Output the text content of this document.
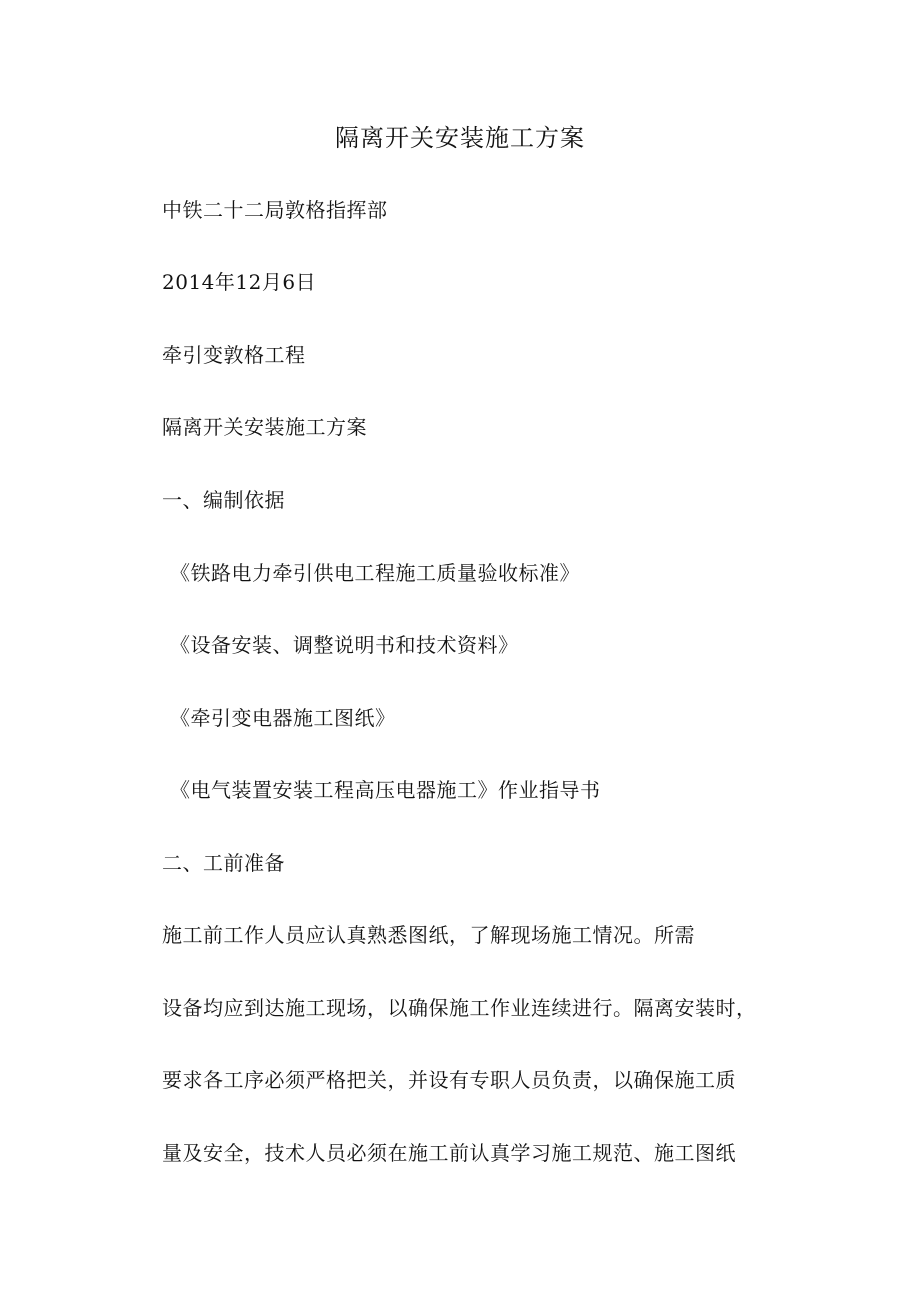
隔离开关安装施工方案
中铁二十二局敦格指挥部
2014年12月6日
牵引变敦格工程
隔离开关安装施工方案
一、编制依据
《铁路电力牵引供电工程施工质量验收标准》
《设备安装、调整说明书和技术资料》
《牵引变电器施工图纸》
《电气装置安装工程高压电器施工》作业指导书
二、工前准备
施工前工作人员应认真熟悉图纸，了解现场施工情况。所需
设备均应到达施工现场，以确保施工作业连续进行。隔离安装时，
要求各工序必须严格把关，并设有专职人员负责，以确保施工质
量及安全，技术人员必须在施工前认真学习施工规范、施工图纸
